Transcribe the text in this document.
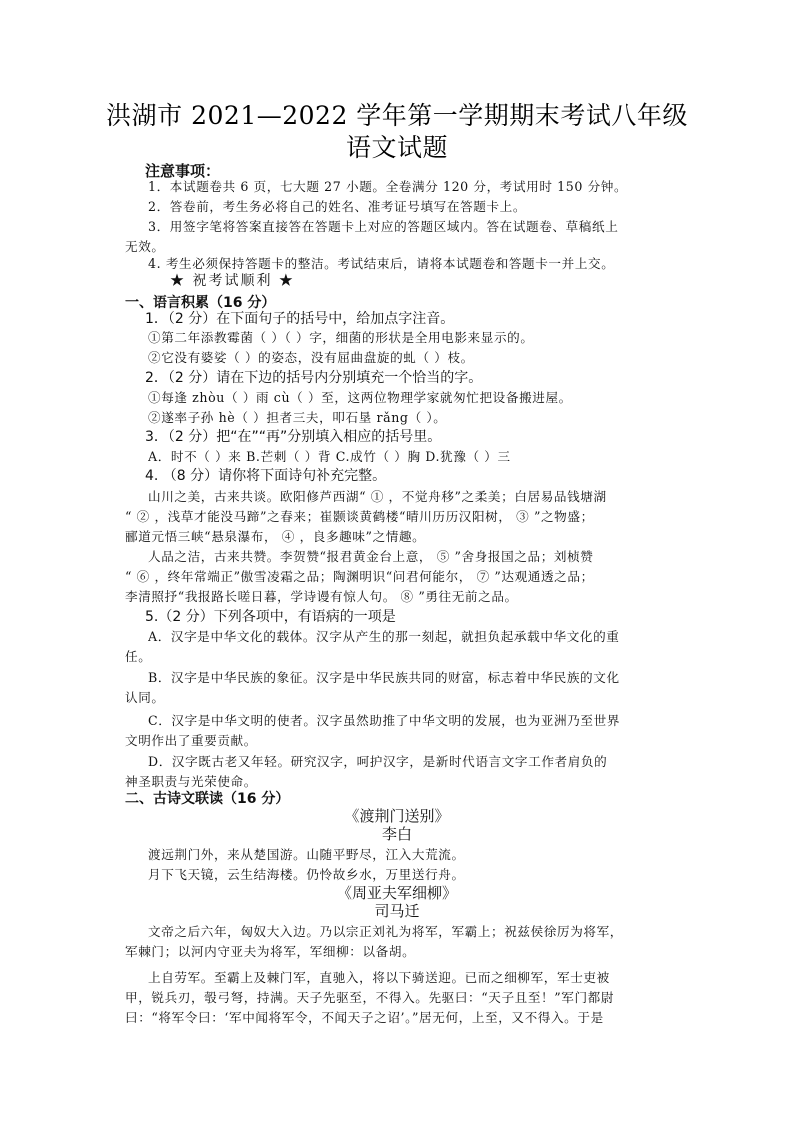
洪湖市 2021—2022 学年第一学期期末考试八年级
语文试题
注意事项：
1．本试题卷共 6 页，七大题 27 小题。全卷满分 120 分，考试用时 150 分钟。
2．答卷前，考生务必将自己的姓名、准考证号填写在答题卡上。
3．用签字笔将答案直接答在答题卡上对应的答题区域内。答在试题卷、草稿纸上
无效。
4. 考生必须保持答题卡的整洁。考试结束后，请将本试题卷和答题卡一并上交。
★ 祝考试顺利 ★
一、语言积累（16 分）
1．（2 分）在下面句子的括号中，给加点字注音。
①第二年添教霉菌（ ）（ ）字，细菌的形状是全用电影来显示的。
②它没有婆娑（ ）的姿态，没有屈曲盘旋的虬（ ）枝。
2．（2 分）请在下边的括号内分别填充一个恰当的字。
①每逢 zhòu（ ）雨 cù（ ）至，这两位物理学家就匆忙把设备搬进屋。
②遂率子孙 hè（ ）担者三夫，叩石垦 rǎng（ ）。
3．（2 分）把“在”“再”分别填入相应的括号里。
A．时不（ ）来 B.芒刺（ ）背 C.成竹（ ）胸 D.犹豫（ ）三
4. （8 分）请你将下面诗句补充完整。
山川之美，古来共谈。欧阳修芦西湖“ ① ，不觉舟移”之柔美；白居易品钱塘湖
“ ② ，浅草才能没马蹄”之春来；崔颢谈黄鹤楼“晴川历历汉阳树， ③ ”之物盛；
郦道元悟三峡“悬泉瀑布， ④ ，良多趣味”之情趣。
人品之洁，古来共赞。李贺赞“报君黄金台上意， ⑤ ”舍身报国之品；刘桢赞
“ ⑥ ，终年常端正”傲雪凌霜之品；陶渊明识“问君何能尔， ⑦ ”达观通透之品；
李清照抒“我报路长嗟日暮，学诗谩有惊人句。 ⑧ ”勇往无前之品。
5.（2 分）下列各项中，有语病的一项是
A．汉字是中华文化的载体。汉字从产生的那一刻起，就担负起承载中华文化的重
任。
B．汉字是中华民族的象征。汉字是中华民族共同的财富，标志着中华民族的文化
认同。
C．汉字是中华文明的使者。汉字虽然助推了中华文明的发展，也为亚洲乃至世界
文明作出了重要贡献。
D．汉字既古老又年轻。研究汉字，呵护汉字，是新时代语言文字工作者肩负的
神圣职责与光荣使命。
二、古诗文联读（16 分）
《渡荆门送别》
李白
渡远荆门外，来从楚国游。山随平野尽，江入大荒流。
月下飞天镜，云生结海楼。仍怜故乡水，万里送行舟。
《周亚夫军细柳》
司马迁
文帝之后六年，匈奴大入边。乃以宗正刘礼为将军，军霸上；祝兹侯徐厉为将军，
军棘门；以河内守亚夫为将军，军细柳：以备胡。
上自劳军。至霸上及棘门军，直驰入，将以下骑送迎。已而之细柳军，军士吏被
甲，锐兵刃，彀弓弩，持满。天子先驱至，不得入。先驱曰：“天子且至！”军门都尉
曰：“将军令曰：‘军中闻将军令，不闻天子之诏’。”居无何，上至，又不得入。于是
